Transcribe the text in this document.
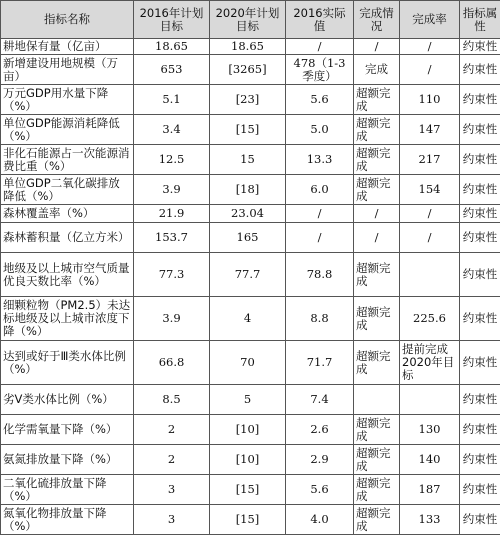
指标名称	2016年计划目标	2020年计划目标	2016实际值	完成情况	完成率	指标属性
耕地保有量（亿亩）	18.65	18.65	/	/	/	约束性
新增建设用地规模（万亩）	653	[3265]	478（1-3季度）	完成	/	约束性
万元GDP用水量下降（%）	5.1	[23]	5.6	超额完成	110	约束性
单位GDP能源消耗降低（%）	3.4	[15]	5.0	超额完成	147	约束性
非化石能源占一次能源消费比重（%）	12.5	15	13.3	超额完成	217	约束性
单位GDP二氧化碳排放降低（%）	3.9	[18]	6.0	超额完成	154	约束性
森林覆盖率（%）	21.9	23.04	/	/	/	约束性
森林蓄积量（亿立方米）	153.7	165	/	/	/	约束性
地级及以上城市空气质量优良天数比率（%）	77.3	77.7	78.8	超额完成		约束性
细颗粒物（PM2.5）未达标地级及以上城市浓度下降（%）	3.9	4	8.8	超额完成	225.6	约束性
达到或好于Ⅲ类水体比例（%）	66.8	70	71.7	超额完成	提前完成2020年目标	约束性
劣Ⅴ类水体比例（%）	8.5	5	7.4			约束性
化学需氧量下降（%）	2	[10]	2.6	超额完成	130	约束性
氨氮排放量下降（%）	2	[10]	2.9	超额完成	140	约束性
二氧化硫排放量下降（%）	3	[15]	5.6	超额完成	187	约束性
氮氧化物排放量下降（%）	3	[15]	4.0	超额完成	133	约束性
